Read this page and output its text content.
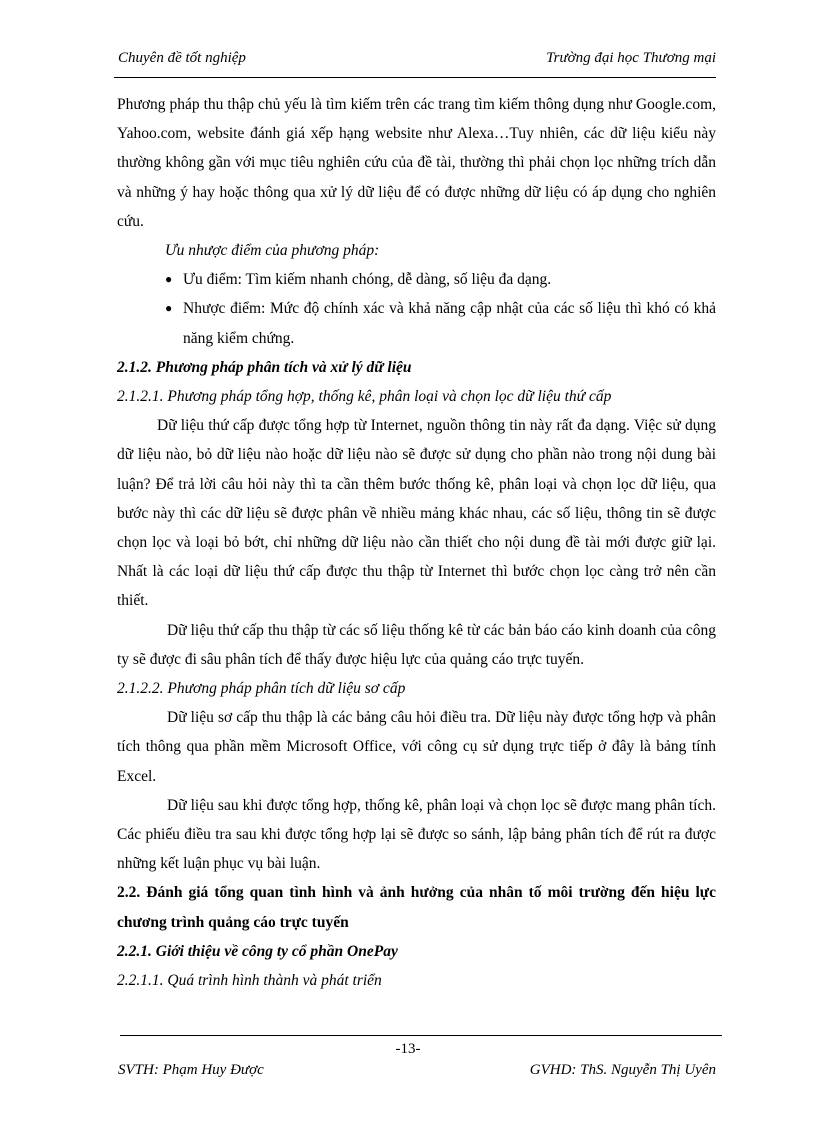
Chuyên đề tốt nghiệp	Trường đại học Thương mại

Phương pháp thu thập chủ yếu là tìm kiếm trên các trang tìm kiếm thông dụng như Google.com, Yahoo.com, website đánh giá xếp hạng website như Alexa…Tuy nhiên, các dữ liệu kiểu này thường không gần với mục tiêu nghiên cứu của đề tài, thường thì phải chọn lọc những trích dẫn và những ý hay hoặc thông qua xử lý dữ liệu để có được những dữ liệu có áp dụng cho nghiên cứu.

Ưu nhược điểm của phương pháp:

● Ưu điểm: Tìm kiếm nhanh chóng, dễ dàng, số liệu đa dạng.
● Nhược điểm: Mức độ chính xác và khả năng cập nhật của các số liệu thì khó có khả năng kiểm chứng.

2.1.2. Phương pháp phân tích và xử lý dữ liệu

2.1.2.1. Phương pháp tổng hợp, thống kê, phân loại và chọn lọc dữ liệu thứ cấp

Dữ liệu thứ cấp được tổng hợp từ Internet, nguồn thông tin này rất đa dạng. Việc sử dụng dữ liệu nào, bỏ dữ liệu nào hoặc dữ liệu nào sẽ được sử dụng cho phần nào trong nội dung bài luận? Để trả lời câu hỏi này thì ta cần thêm bước thống kê, phân loại và chọn lọc dữ liệu, qua bước này thì các dữ liệu sẽ được phân về nhiều mảng khác nhau, các số liệu, thông tin sẽ được chọn lọc và loại bỏ bớt, chỉ những dữ liệu nào cần thiết cho nội dung đề tài mới được giữ lại. Nhất là các loại dữ liệu thứ cấp được thu thập từ Internet thì bước chọn lọc càng trở nên cần thiết.

Dữ liệu thứ cấp thu thập từ các số liệu thống kê từ các bản báo cáo kinh doanh của công ty sẽ được đi sâu phân tích để thấy được hiệu lực của quảng cáo trực tuyến.

2.1.2.2. Phương pháp phân tích dữ liệu sơ cấp

Dữ liệu sơ cấp thu thập là các bảng câu hỏi điều tra. Dữ liệu này được tổng hợp và phân tích thông qua phần mềm Microsoft Office, với công cụ sử dụng trực tiếp ở đây là bảng tính Excel.

Dữ liệu sau khi được tổng hợp, thống kê, phân loại và chọn lọc sẽ được mang phân tích. Các phiếu điều tra sau khi được tổng hợp lại sẽ được so sánh, lập bảng phân tích để rút ra được những kết luận phục vụ bài luận.

2.2. Đánh giá tổng quan tình hình và ảnh hưởng của nhân tố môi trường đến hiệu lực chương trình quảng cáo trực tuyến

2.2.1. Giới thiệu về công ty cổ phần OnePay

2.2.1.1. Quá trình hình thành và phát triển

-13-
SVTH: Phạm Huy Được	GVHD: ThS. Nguyễn Thị Uyên
